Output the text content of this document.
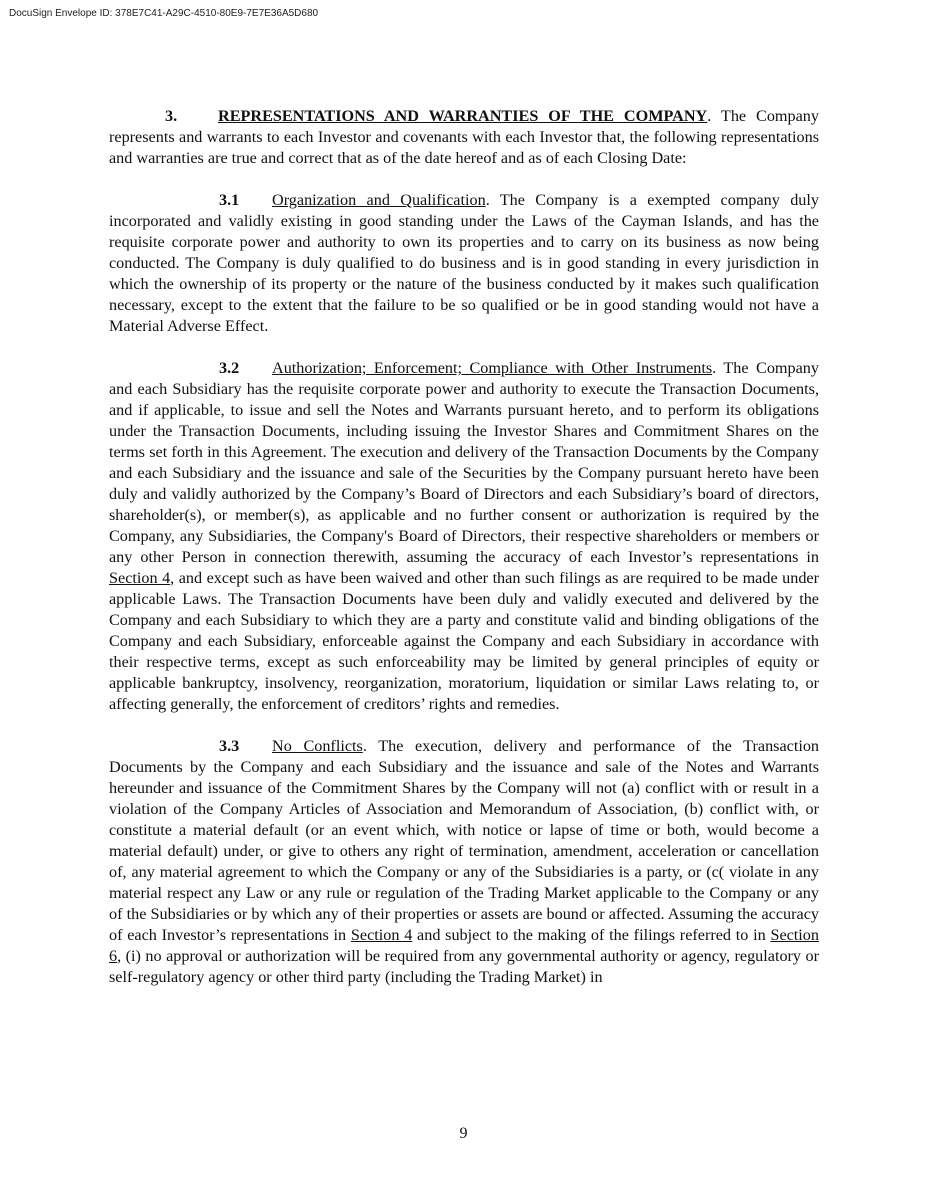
DocuSign Envelope ID: 378E7C41-A29C-4510-80E9-7E7E36A5D680

3.	REPRESENTATIONS AND WARRANTIES OF THE COMPANY. The Company represents and warrants to each Investor and covenants with each Investor that, the following representations and warranties are true and correct that as of the date hereof and as of each Closing Date:

3.1 Organization and Qualification. The Company is a exempted company duly incorporated and validly existing in good standing under the Laws of the Cayman Islands, and has the requisite corporate power and authority to own its properties and to carry on its business as now being conducted. The Company is duly qualified to do business and is in good standing in every jurisdiction in which the ownership of its property or the nature of the business conducted by it makes such qualification necessary, except to the extent that the failure to be so qualified or be in good standing would not have a Material Adverse Effect.

3.2 Authorization; Enforcement; Compliance with Other Instruments. The Company and each Subsidiary has the requisite corporate power and authority to execute the Transaction Documents, and if applicable, to issue and sell the Notes and Warrants pursuant hereto, and to perform its obligations under the Transaction Documents, including issuing the Investor Shares and Commitment Shares on the terms set forth in this Agreement. The execution and delivery of the Transaction Documents by the Company and each Subsidiary and the issuance and sale of the Securities by the Company pursuant hereto have been duly and validly authorized by the Company’s Board of Directors and each Subsidiary’s board of directors, shareholder(s), or member(s), as applicable and no further consent or authorization is required by the Company, any Subsidiaries, the Company's Board of Directors, their respective shareholders or members or any other Person in connection therewith, assuming the accuracy of each Investor’s representations in Section 4, and except such as have been waived and other than such filings as are required to be made under applicable Laws. The Transaction Documents have been duly and validly executed and delivered by the Company and each Subsidiary to which they are a party and constitute valid and binding obligations of the Company and each Subsidiary, enforceable against the Company and each Subsidiary in accordance with their respective terms, except as such enforceability may be limited by general principles of equity or applicable bankruptcy, insolvency, reorganization, moratorium, liquidation or similar Laws relating to, or affecting generally, the enforcement of creditors’ rights and remedies.

3.3 No Conflicts. The execution, delivery and performance of the Transaction Documents by the Company and each Subsidiary and the issuance and sale of the Notes and Warrants hereunder and issuance of the Commitment Shares by the Company will not (a) conflict with or result in a violation of the Company Articles of Association and Memorandum of Association, (b) conflict with, or constitute a material default (or an event which, with notice or lapse of time or both, would become a material default) under, or give to others any right of termination, amendment, acceleration or cancellation of, any material agreement to which the Company or any of the Subsidiaries is a party, or (c( violate in any material respect any Law or any rule or regulation of the Trading Market applicable to the Company or any of the Subsidiaries or by which any of their properties or assets are bound or affected. Assuming the accuracy of each Investor’s representations in Section 4 and subject to the making of the filings referred to in Section 6, (i) no approval or authorization will be required from any governmental authority or agency, regulatory or self-regulatory agency or other third party (including the Trading Market) in

9
